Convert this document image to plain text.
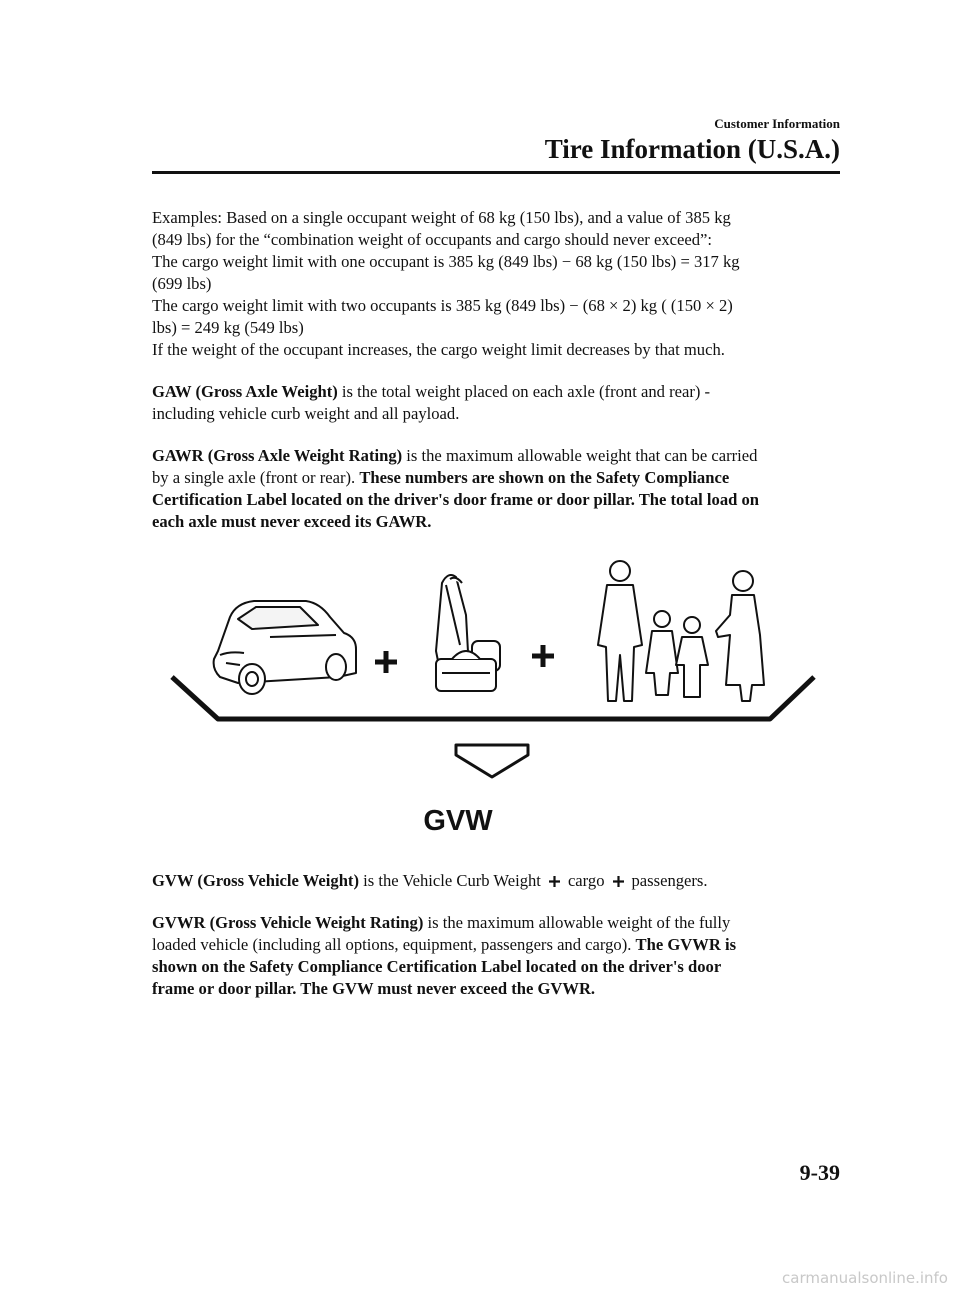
Customer Information
Tire Information (U.S.A.)

Examples: Based on a single occupant weight of 68 kg (150 lbs), and a value of 385 kg

(849 lbs) for the “combination weight of occupants and cargo should never exceed”:

The cargo weight limit with one occupant is 385 kg (849 lbs) − 68 kg (150 lbs) = 317 kg

(699 lbs)

The cargo weight limit with two occupants is 385 kg (849 lbs) − (68 × 2) kg ( (150 × 2)

lbs) = 249 kg (549 lbs)

If the weight of the occupant increases, the cargo weight limit decreases by that much.

GAW (Gross Axle Weight) is the total weight placed on each axle (front and rear) -

including vehicle curb weight and all payload.

GAWR (Gross Axle Weight Rating) is the maximum allowable weight that can be carried

by a single axle (front or rear). These numbers are shown on the Safety Compliance

Certification Label located on the driver's door frame or door pillar. The total load on

each axle must never exceed its GAWR.

GVW

GVW (Gross Vehicle Weight) is the Vehicle Curb Weight cargo passengers.

GVWR (Gross Vehicle Weight Rating) is the maximum allowable weight of the fully

loaded vehicle (including all options, equipment, passengers and cargo). The GVWR is

shown on the Safety Compliance Certification Label located on the driver's door

frame or door pillar. The GVW must never exceed the GVWR.

9-39
carmanualsonline.info
